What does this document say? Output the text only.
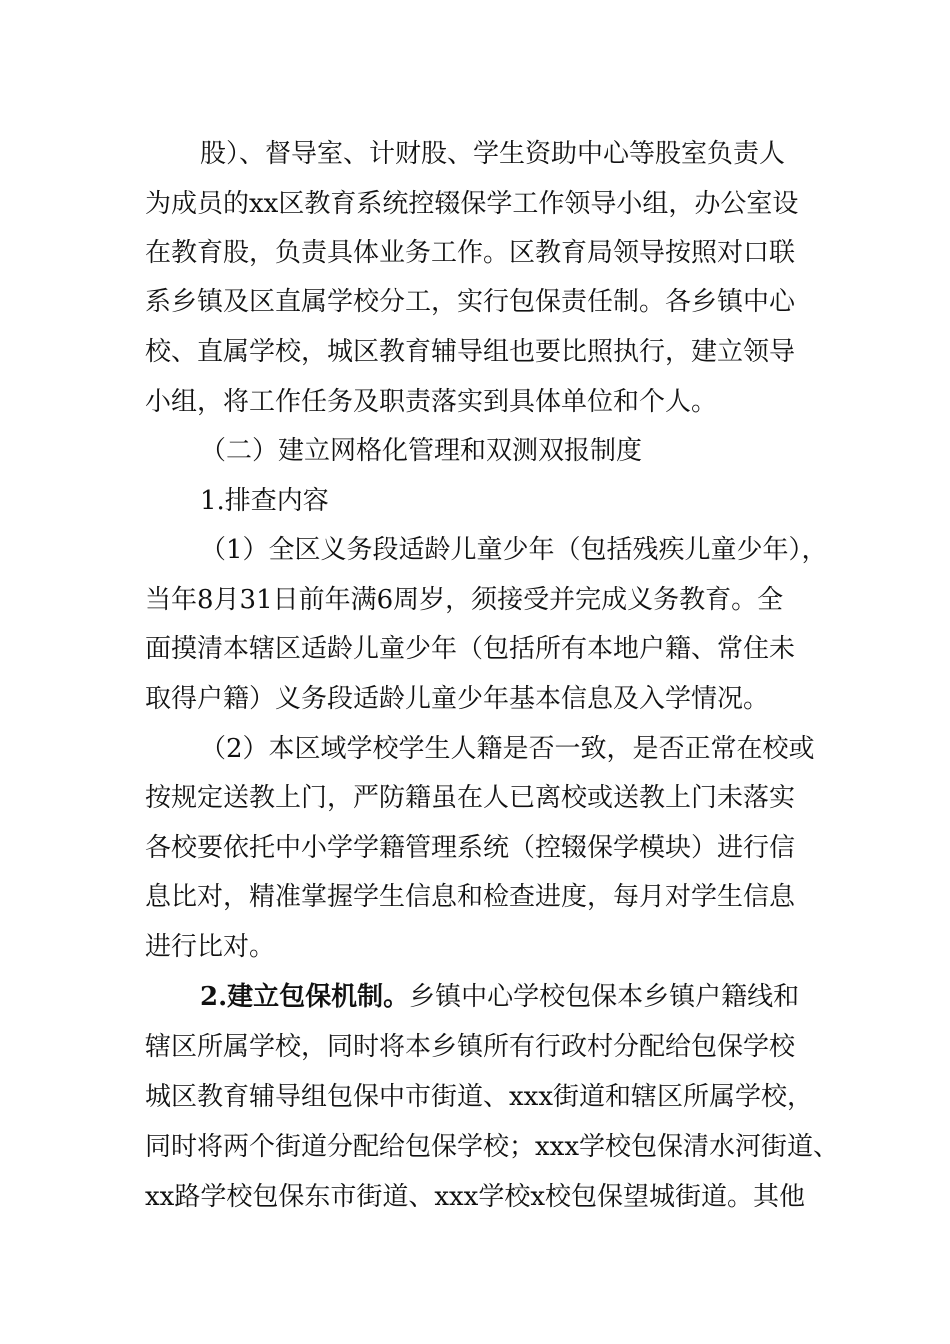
股）、督导室、计财股、学生资助中心等股室负责人
为成员的xx区教育系统控辍保学工作领导小组，办公室设
在教育股，负责具体业务工作。区教育局领导按照对口联
系乡镇及区直属学校分工，实行包保责任制。各乡镇中心
校、直属学校，城区教育辅导组也要比照执行，建立领导
小组，将工作任务及职责落实到具体单位和个人。
（二）建立网格化管理和双测双报制度
1.排查内容
（1）全区义务段适龄儿童少年（包括残疾儿童少年），
当年8月31日前年满6周岁，须接受并完成义务教育。全
面摸清本辖区适龄儿童少年（包括所有本地户籍、常住未
取得户籍）义务段适龄儿童少年基本信息及入学情况。
（2）本区域学校学生人籍是否一致，是否正常在校或
按规定送教上门，严防籍虽在人已离校或送教上门未落实
各校要依托中小学学籍管理系统（控辍保学模块）进行信
息比对，精准掌握学生信息和检查进度，每月对学生信息
进行比对。
2.建立包保机制。乡镇中心学校包保本乡镇户籍线和
辖区所属学校，同时将本乡镇所有行政村分配给包保学校
城区教育辅导组包保中市街道、xxx街道和辖区所属学校，
同时将两个街道分配给包保学校；xxx学校包保清水河街道、
xx路学校包保东市街道、xxx学校x校包保望城街道。其他
